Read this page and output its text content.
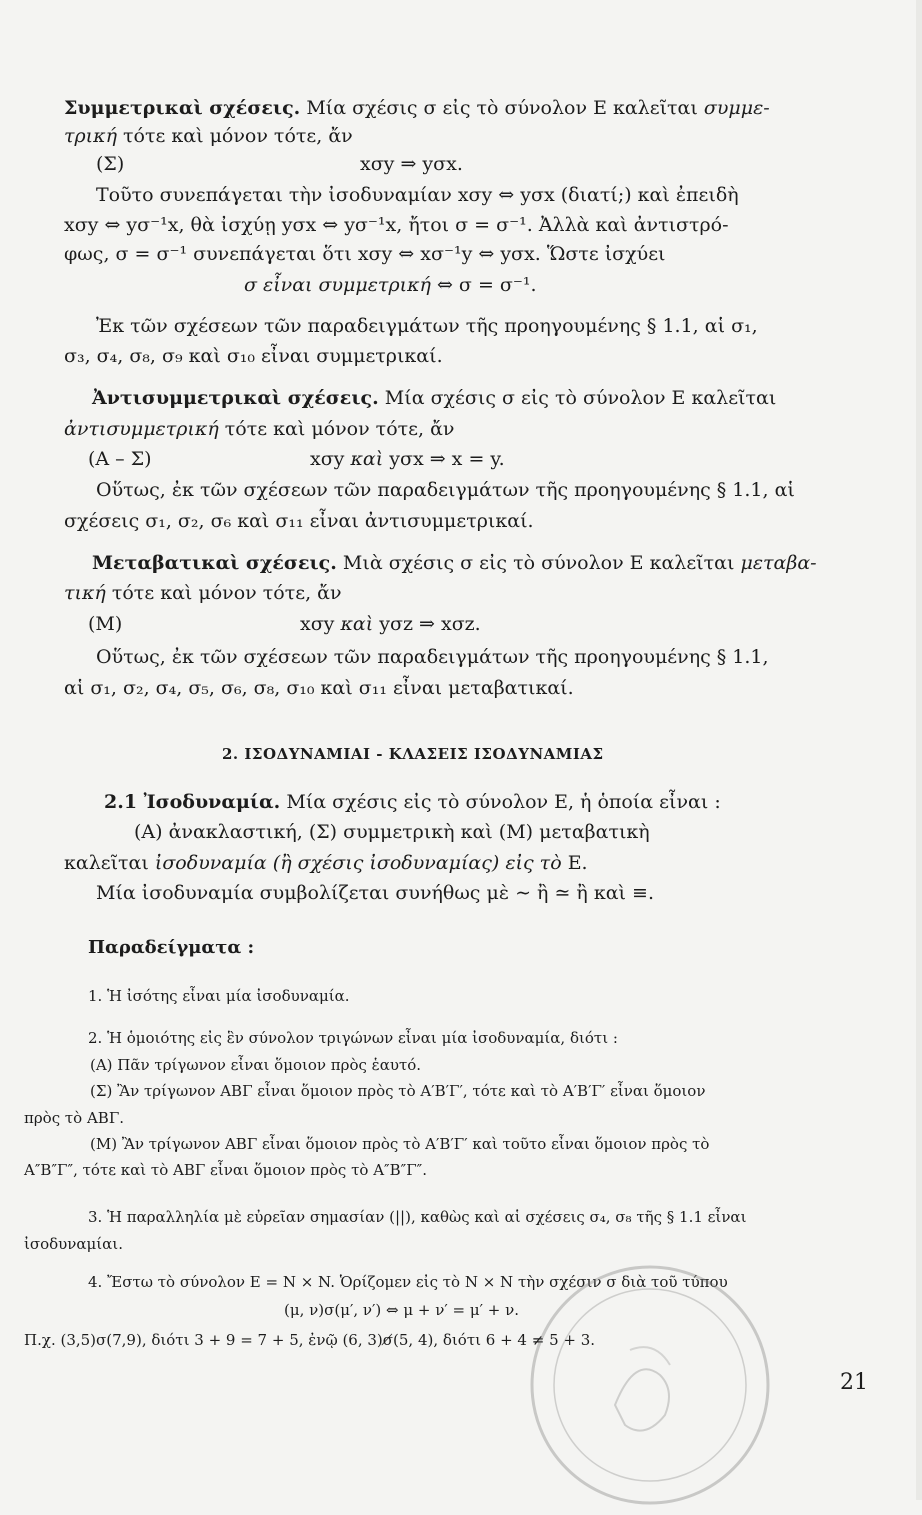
Συμμετρικαὶ σχέσεις. Μία σχέσις σ εἰς τὸ σύνολον Ε καλεῖται συμμε-
τρική τότε καὶ μόνον τότε, ἄν
(Σ)	xσy ⇒ yσx.
Τοῦτο συνεπάγεται τὴν ἰσοδυναμίαν xσy ⇔ yσx (διατί;) καὶ ἐπειδὴ
xσy ⇔ yσ⁻¹x, θὰ ἰσχύῃ yσx ⇔ yσ⁻¹x, ἤτοι σ = σ⁻¹. Ἀλλὰ καὶ ἀντιστρό-
φως, σ = σ⁻¹ συνεπάγεται ὅτι xσy ⇔ xσ⁻¹y ⇔ yσx. Ὥστε ἰσχύει
σ εἶναι συμμετρική ⇔ σ = σ⁻¹.
Ἐκ τῶν σχέσεων τῶν παραδειγμάτων τῆς προηγουμένης § 1.1, αἱ σ₁,
σ₃, σ₄, σ₈, σ₉ καὶ σ₁₀ εἶναι συμμετρικαί.
Ἀντισυμμετρικαὶ σχέσεις. Μία σχέσις σ εἰς τὸ σύνολον Ε καλεῖται
ἀντισυμμετρική τότε καὶ μόνον τότε, ἄν
(Α – Σ)	xσy καὶ yσx ⇒ x = y.
Οὕτως, ἐκ τῶν σχέσεων τῶν παραδειγμάτων τῆς προηγουμένης § 1.1, αἱ
σχέσεις σ₁, σ₂, σ₆ καὶ σ₁₁ εἶναι ἀντισυμμετρικαί.
Μεταβατικαὶ σχέσεις. Μιὰ σχέσις σ εἰς τὸ σύνολον Ε καλεῖται μεταβα-
τική τότε καὶ μόνον τότε, ἄν
(Μ)	xσy καὶ yσz ⇒ xσz.
Οὕτως, ἐκ τῶν σχέσεων τῶν παραδειγμάτων τῆς προηγουμένης § 1.1,
αἱ σ₁, σ₂, σ₄, σ₅, σ₆, σ₈, σ₁₀ καὶ σ₁₁ εἶναι μεταβατικαί.
2. ΙΣΟΔΥΝΑΜΙΑΙ - ΚΛΑΣΕΙΣ ΙΣΟΔΥΝΑΜΙΑΣ
2.1 Ἰσοδυναμία. Μία σχέσις εἰς τὸ σύνολον Ε, ἡ ὁποία εἶναι :
(Α) ἀνακλαστική, (Σ) συμμετρικὴ καὶ (Μ) μεταβατικὴ
καλεῖται ἰσοδυναμία (ἢ σχέσις ἰσοδυναμίας) εἰς τὸ Ε.
Μία ἰσοδυναμία συμβολίζεται συνήθως μὲ ∼ ἢ ≃ ἢ καὶ ≡.
Παραδείγματα :
1. Ἡ ἰσότης εἶναι μία ἰσοδυναμία.
2. Ἡ ὁμοιότης εἰς ἓν σύνολον τριγώνων εἶναι μία ἰσοδυναμία, διότι :
(Α) Πᾶν τρίγωνον εἶναι ὅμοιον πρὸς ἑαυτό.
(Σ) Ἂν τρίγωνον ΑΒΓ εἶναι ὅμοιον πρὸς τὸ Α′Β′Γ′, τότε καὶ τὸ Α′Β′Γ′ εἶναι ὅμοιον
πρὸς τὸ ΑΒΓ.
(Μ) Ἂν τρίγωνον ΑΒΓ εἶναι ὅμοιον πρὸς τὸ Α′Β′Γ′ καὶ τοῦτο εἶναι ὅμοιον πρὸς τὸ
Α″Β″Γ″, τότε καὶ τὸ ΑΒΓ εἶναι ὅμοιον πρὸς τὸ Α″Β″Γ″.
3. Ἡ παραλληλία μὲ εὐρεῖαν σημασίαν (||), καθὼς καὶ αἱ σχέσεις σ₄, σ₈ τῆς § 1.1 εἶναι
ἰσοδυναμίαι.
4. Ἔστω τὸ σύνολον Ε = N × N. Ὁρίζομεν εἰς τὸ N × N τὴν σχέσιν σ διὰ τοῦ τύπου
(μ, ν)σ(μ′, ν′) ⇔ μ + ν′ = μ′ + ν.
Π.χ. (3,5)σ(7,9), διότι 3 + 9 = 7 + 5, ἐνῷ (6, 3)σ̸(5, 4), διότι 6 + 4 ≠ 5 + 3.
21
